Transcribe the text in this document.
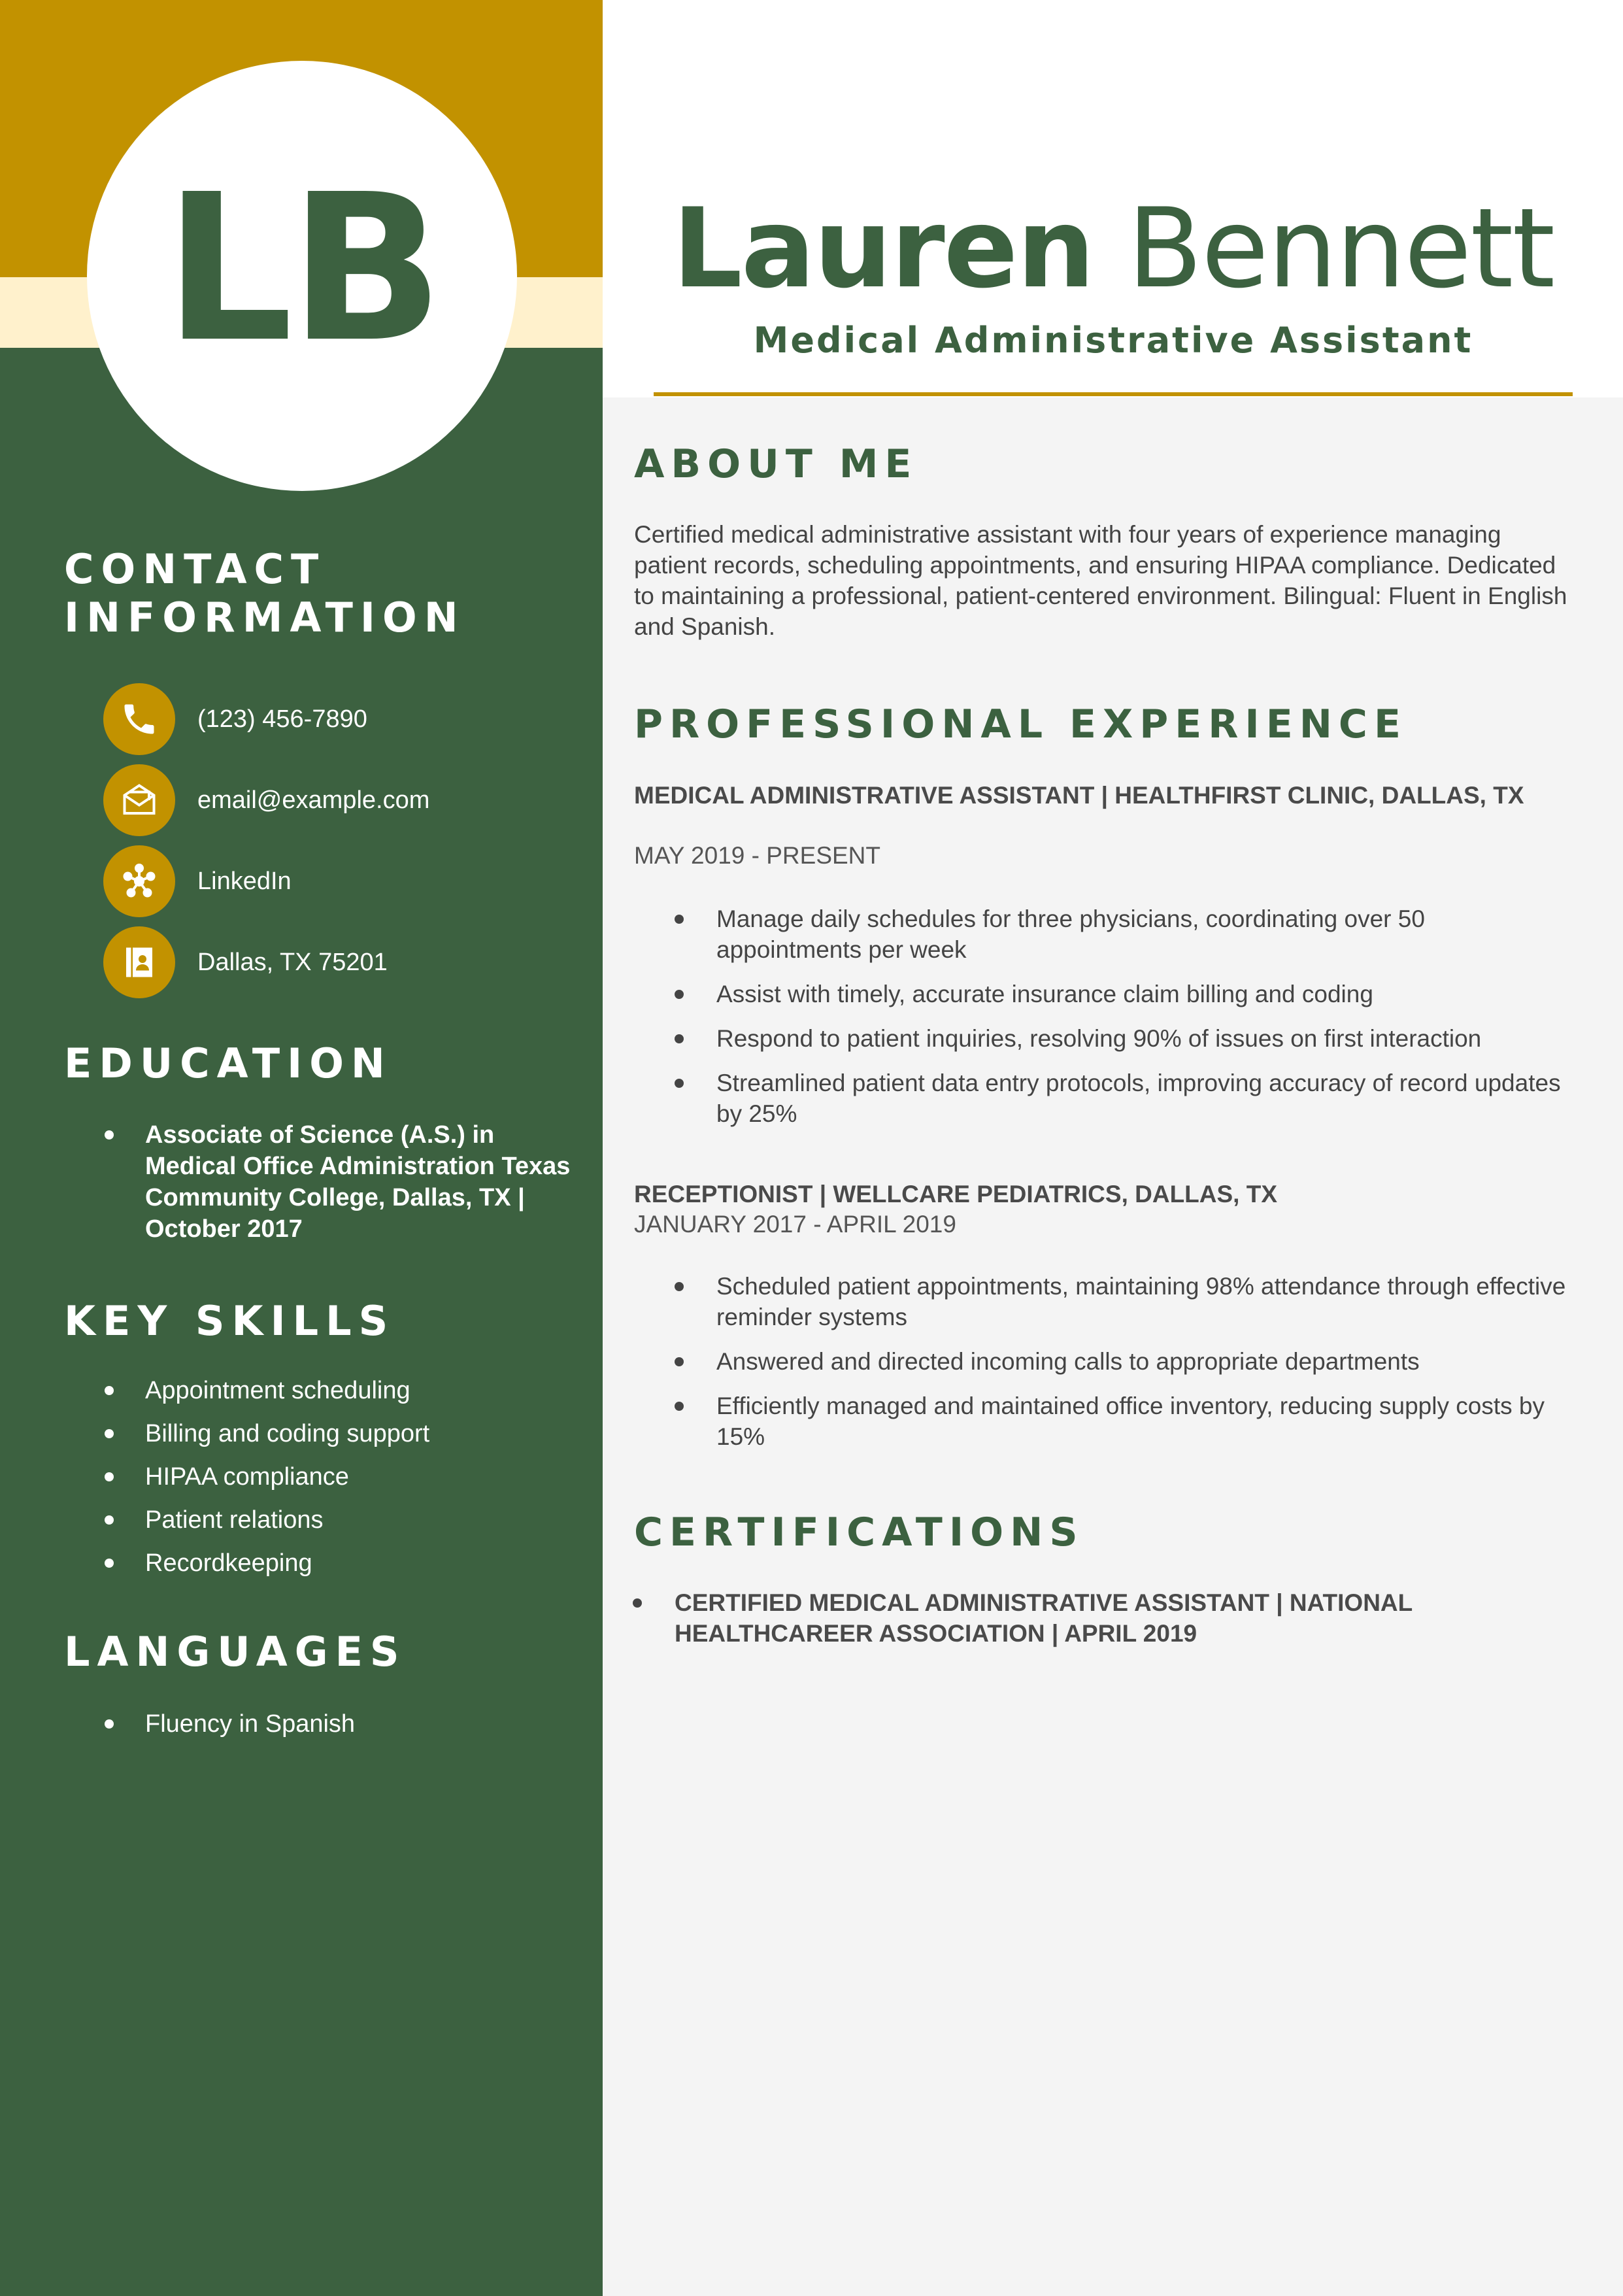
LB
CONTACT INFORMATION
(123) 456-7890
email@example.com
LinkedIn
Dallas, TX 75201
EDUCATION
Associate of Science (A.S.) in Medical Office Administration Texas Community College, Dallas, TX | October 2017
KEY SKILLS
Appointment scheduling
Billing and coding support
HIPAA compliance
Patient relations
Recordkeeping
LANGUAGES
Fluency in Spanish
Lauren Bennett
Medical Administrative Assistant
ABOUT ME
Certified medical administrative assistant with four years of experience managing patient records, scheduling appointments, and ensuring HIPAA compliance. Dedicated to maintaining a professional, patient-centered environment. Bilingual: Fluent in English and Spanish.
PROFESSIONAL EXPERIENCE
MEDICAL ADMINISTRATIVE ASSISTANT | HEALTHFIRST CLINIC, DALLAS, TX
MAY 2019 - PRESENT
Manage daily schedules for three physicians, coordinating over 50 appointments per week
Assist with timely, accurate insurance claim billing and coding
Respond to patient inquiries, resolving 90% of issues on first interaction
Streamlined patient data entry protocols, improving accuracy of record updates by 25%
RECEPTIONIST | WELLCARE PEDIATRICS, DALLAS, TX
JANUARY 2017 - APRIL 2019
Scheduled patient appointments, maintaining 98% attendance through effective reminder systems
Answered and directed incoming calls to appropriate departments
Efficiently managed and maintained office inventory, reducing supply costs by 15%
CERTIFICATIONS
CERTIFIED MEDICAL ADMINISTRATIVE ASSISTANT | NATIONAL HEALTHCAREER ASSOCIATION | APRIL 2019
